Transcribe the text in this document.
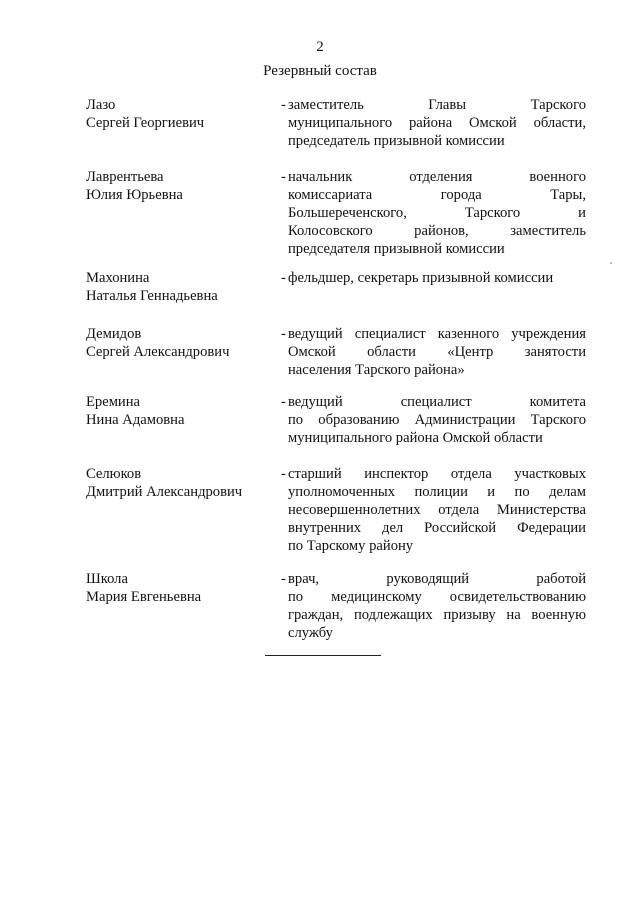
2
Резервный состав
Лазо
Сергей Георгиевич
- заместитель Главы Тарского
муниципального района Омской области,
председатель призывной комиссии
Лаврентьева
Юлия Юрьевна
- начальник отделения военного
комиссариата города Тары,
Большереченского, Тарского и
Колосовского районов, заместитель
председателя призывной комиссии
Махонина
Наталья Геннадьевна
- фельдшер, секретарь призывной комиссии
Демидов
Сергей Александрович
- ведущий специалист казенного учреждения
Омской области «Центр занятости
населения Тарского района»
Еремина
Нина Адамовна
- ведущий специалист комитета
по образованию Администрации Тарского
муниципального района Омской области
Селюков
Дмитрий Александрович
- старший инспектор отдела участковых
уполномоченных полиции и по делам
несовершеннолетних отдела Министерства
внутренних дел Российской Федерации
по Тарскому району
Школа
Мария Евгеньевна
- врач, руководящий работой
по медицинскому освидетельствованию
граждан, подлежащих призыву на военную
службу
